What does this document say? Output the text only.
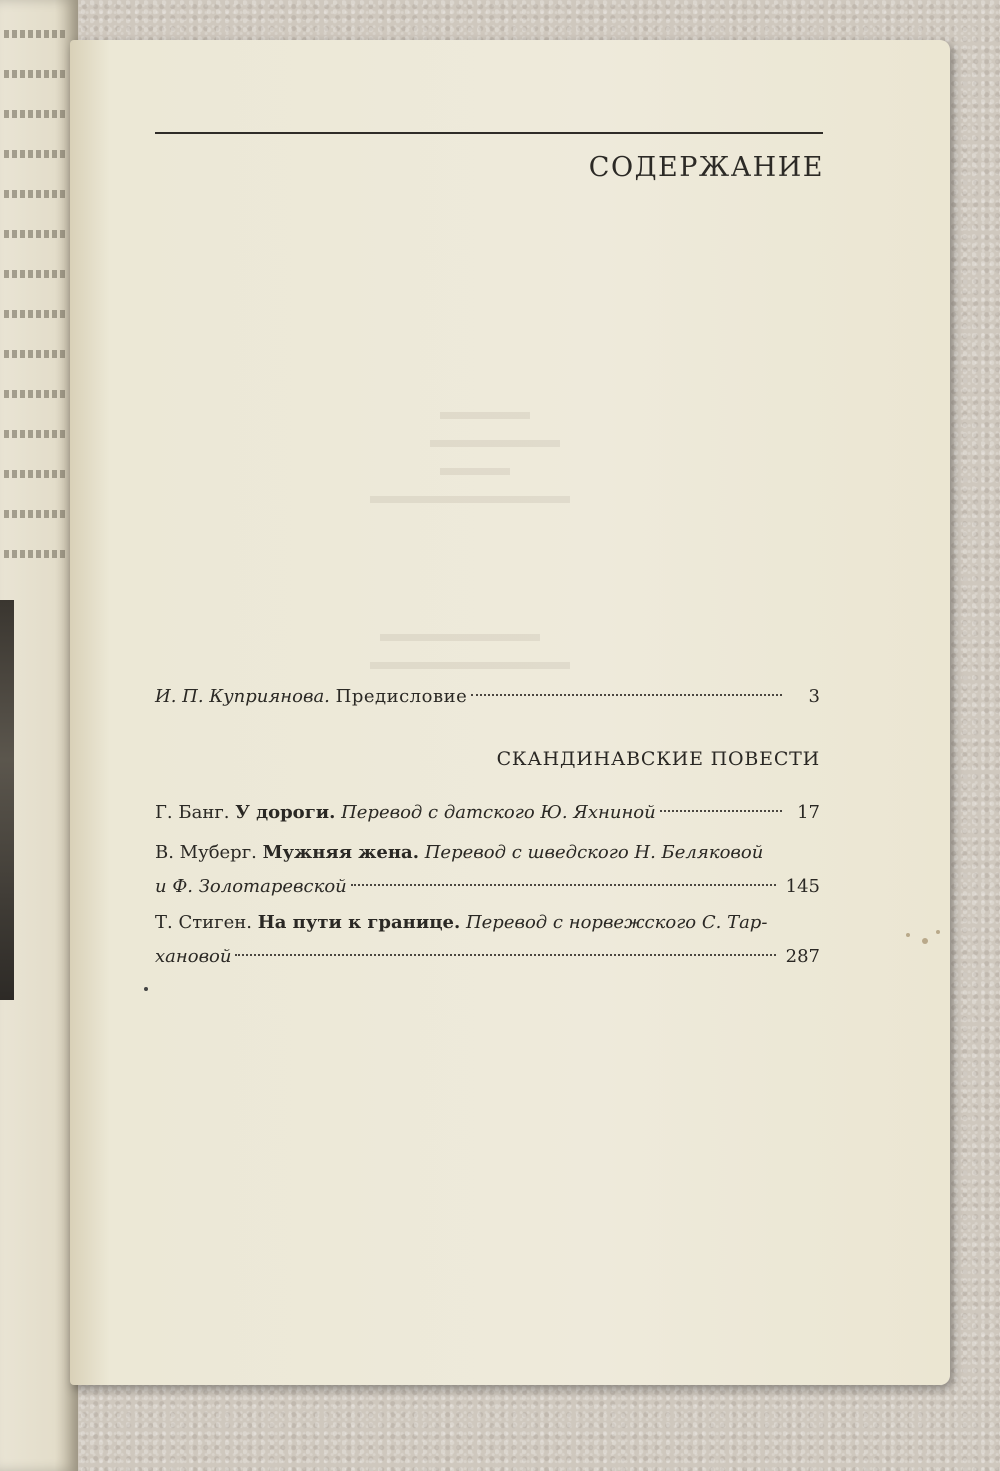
СОДЕРЖАНИЕ
И. П. Куприянова. Предисловие	3
СКАНДИНАВСКИЕ ПОВЕСТИ
Г. Банг. У дороги. Перевод с датского Ю. Яхниной	17
В. Муберг. Мужняя жена. Перевод с шведского Н. Беляковой
и Ф. Золотаревской	145
Т. Стиген. На пути к границе. Перевод с норвежского С. Тар-
хановой	287
